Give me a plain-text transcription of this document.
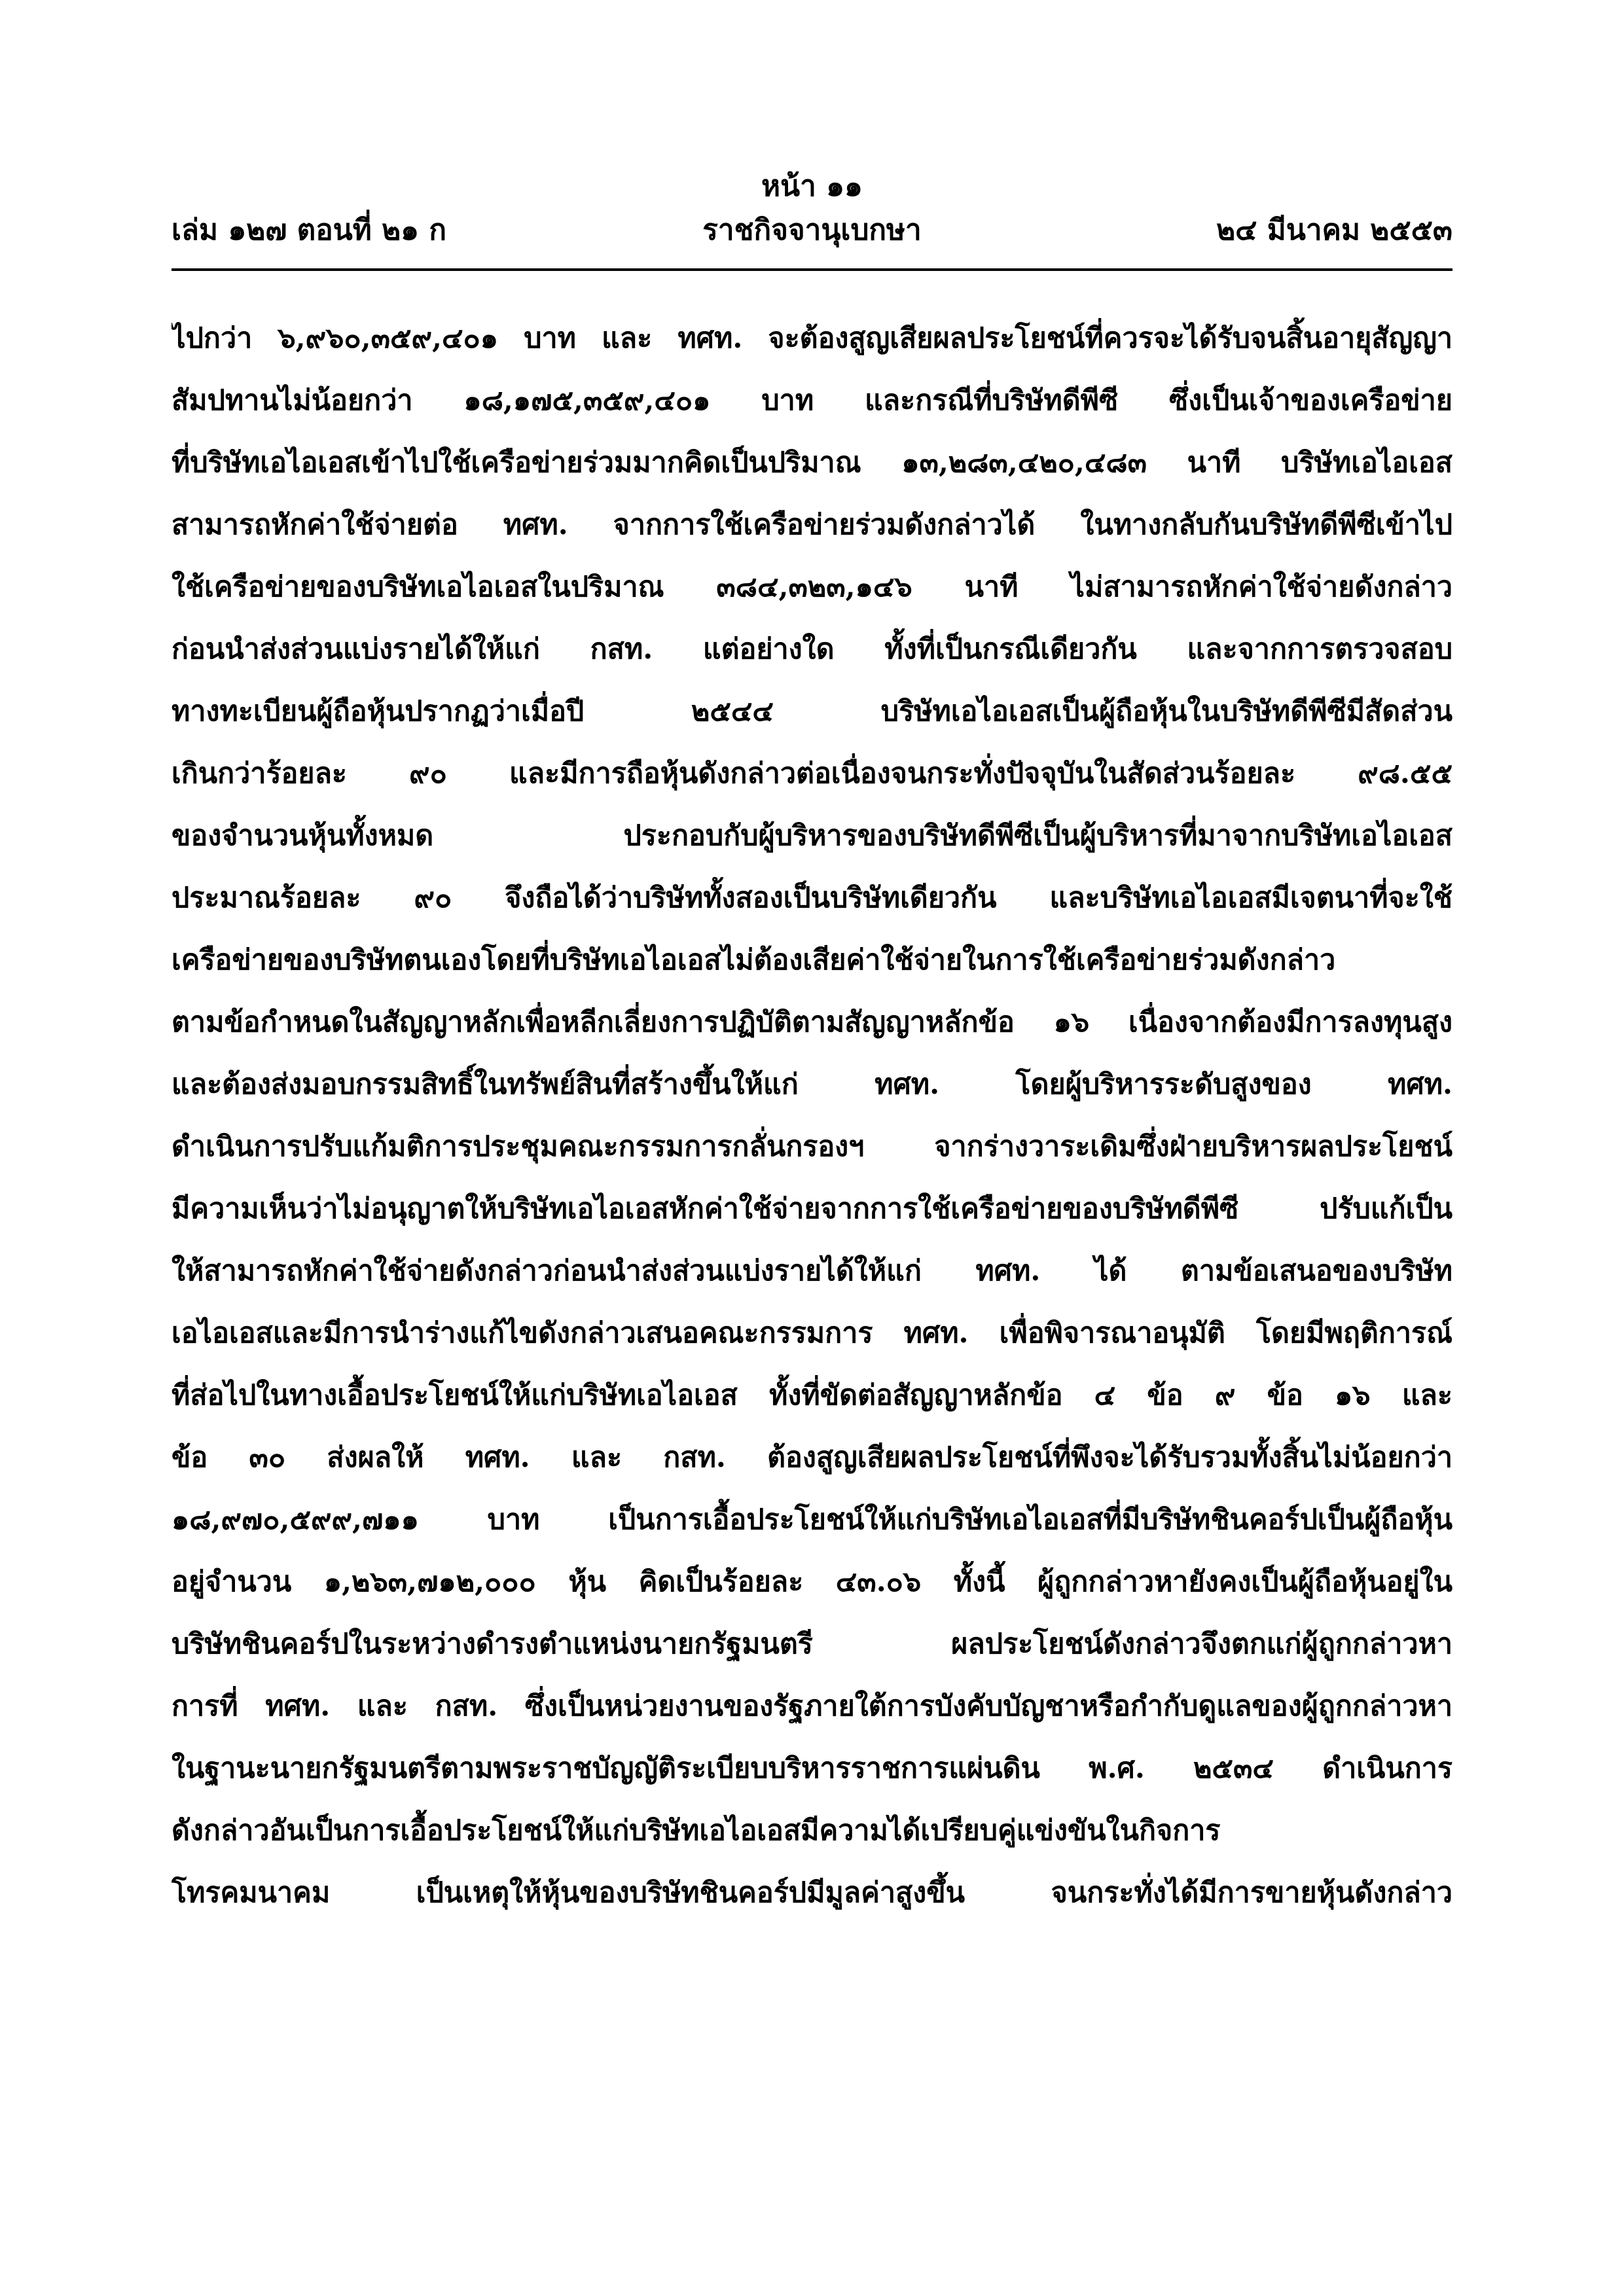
หน้า ๑๑
เล่ม ๑๒๗ ตอนที่ ๒๑ ก	ราชกิจจานุเบกษา	๒๔ มีนาคม ๒๕๕๓
ไปกว่า ๖,๙๖๐,๓๕๙,๔๐๑ บาท และ ทศท. จะต้องสูญเสียผลประโยชน์ที่ควรจะได้รับจนสิ้นอายุสัญญา
สัมปทานไม่น้อยกว่า ๑๘,๑๗๕,๓๕๙,๔๐๑ บาท และกรณีที่บริษัทดีพีซี ซึ่งเป็นเจ้าของเครือข่าย
ที่บริษัทเอไอเอสเข้าไปใช้เครือข่ายร่วมมากคิดเป็นปริมาณ ๑๓,๒๘๓,๔๒๐,๔๘๓ นาที บริษัทเอไอเอส
สามารถหักค่าใช้จ่ายต่อ ทศท. จากการใช้เครือข่ายร่วมดังกล่าวได้ ในทางกลับกันบริษัทดีพีซีเข้าไป
ใช้เครือข่ายของบริษัทเอไอเอสในปริมาณ ๓๘๔,๓๒๓,๑๔๖ นาที ไม่สามารถหักค่าใช้จ่ายดังกล่าว
ก่อนนำส่งส่วนแบ่งรายได้ให้แก่ กสท. แต่อย่างใด ทั้งที่เป็นกรณีเดียวกัน และจากการตรวจสอบ
ทางทะเบียนผู้ถือหุ้นปรากฏว่าเมื่อปี ๒๕๔๔ บริษัทเอไอเอสเป็นผู้ถือหุ้นในบริษัทดีพีซีมีสัดส่วน
เกินกว่าร้อยละ ๙๐ และมีการถือหุ้นดังกล่าวต่อเนื่องจนกระทั่งปัจจุบันในสัดส่วนร้อยละ ๙๘.๕๕
ของจำนวนหุ้นทั้งหมด ประกอบกับผู้บริหารของบริษัทดีพีซีเป็นผู้บริหารที่มาจากบริษัทเอไอเอส
ประมาณร้อยละ ๙๐ จึงถือได้ว่าบริษัททั้งสองเป็นบริษัทเดียวกัน และบริษัทเอไอเอสมีเจตนาที่จะใช้
เครือข่ายของบริษัทตนเองโดยที่บริษัทเอไอเอสไม่ต้องเสียค่าใช้จ่ายในการใช้เครือข่ายร่วมดังกล่าว
ตามข้อกำหนดในสัญญาหลักเพื่อหลีกเลี่ยงการปฏิบัติตามสัญญาหลักข้อ ๑๖ เนื่องจากต้องมีการลงทุนสูง
และต้องส่งมอบกรรมสิทธิ์ในทรัพย์สินที่สร้างขึ้นให้แก่ ทศท. โดยผู้บริหารระดับสูงของ ทศท.
ดำเนินการปรับแก้มติการประชุมคณะกรรมการกลั่นกรองฯ จากร่างวาระเดิมซึ่งฝ่ายบริหารผลประโยชน์
มีความเห็นว่าไม่อนุญาตให้บริษัทเอไอเอสหักค่าใช้จ่ายจากการใช้เครือข่ายของบริษัทดีพีซี ปรับแก้เป็น
ให้สามารถหักค่าใช้จ่ายดังกล่าวก่อนนำส่งส่วนแบ่งรายได้ให้แก่ ทศท. ได้ ตามข้อเสนอของบริษัท
เอไอเอสและมีการนำร่างแก้ไขดังกล่าวเสนอคณะกรรมการ ทศท. เพื่อพิจารณาอนุมัติ โดยมีพฤติการณ์
ที่ส่อไปในทางเอื้อประโยชน์ให้แก่บริษัทเอไอเอส ทั้งที่ขัดต่อสัญญาหลักข้อ ๔ ข้อ ๙ ข้อ ๑๖ และ
ข้อ ๓๐ ส่งผลให้ ทศท. และ กสท. ต้องสูญเสียผลประโยชน์ที่พึงจะได้รับรวมทั้งสิ้นไม่น้อยกว่า
๑๘,๙๗๐,๕๙๙,๗๑๑ บาท เป็นการเอื้อประโยชน์ให้แก่บริษัทเอไอเอสที่มีบริษัทชินคอร์ปเป็นผู้ถือหุ้น
อยู่จำนวน ๑,๒๖๓,๗๑๒,๐๐๐ หุ้น คิดเป็นร้อยละ ๔๓.๐๖ ทั้งนี้ ผู้ถูกกล่าวหายังคงเป็นผู้ถือหุ้นอยู่ใน
บริษัทชินคอร์ปในระหว่างดำรงตำแหน่งนายกรัฐมนตรี ผลประโยชน์ดังกล่าวจึงตกแก่ผู้ถูกกล่าวหา
การที่ ทศท. และ กสท. ซึ่งเป็นหน่วยงานของรัฐภายใต้การบังคับบัญชาหรือกำกับดูแลของผู้ถูกกล่าวหา
ในฐานะนายกรัฐมนตรีตามพระราชบัญญัติระเบียบบริหารราชการแผ่นดิน พ.ศ. ๒๕๓๔ ดำเนินการ
ดังกล่าวอันเป็นการเอื้อประโยชน์ให้แก่บริษัทเอไอเอสมีความได้เปรียบคู่แข่งขันในกิจการ
โทรคมนาคม เป็นเหตุให้หุ้นของบริษัทชินคอร์ปมีมูลค่าสูงขึ้น จนกระทั่งได้มีการขายหุ้นดังกล่าว
